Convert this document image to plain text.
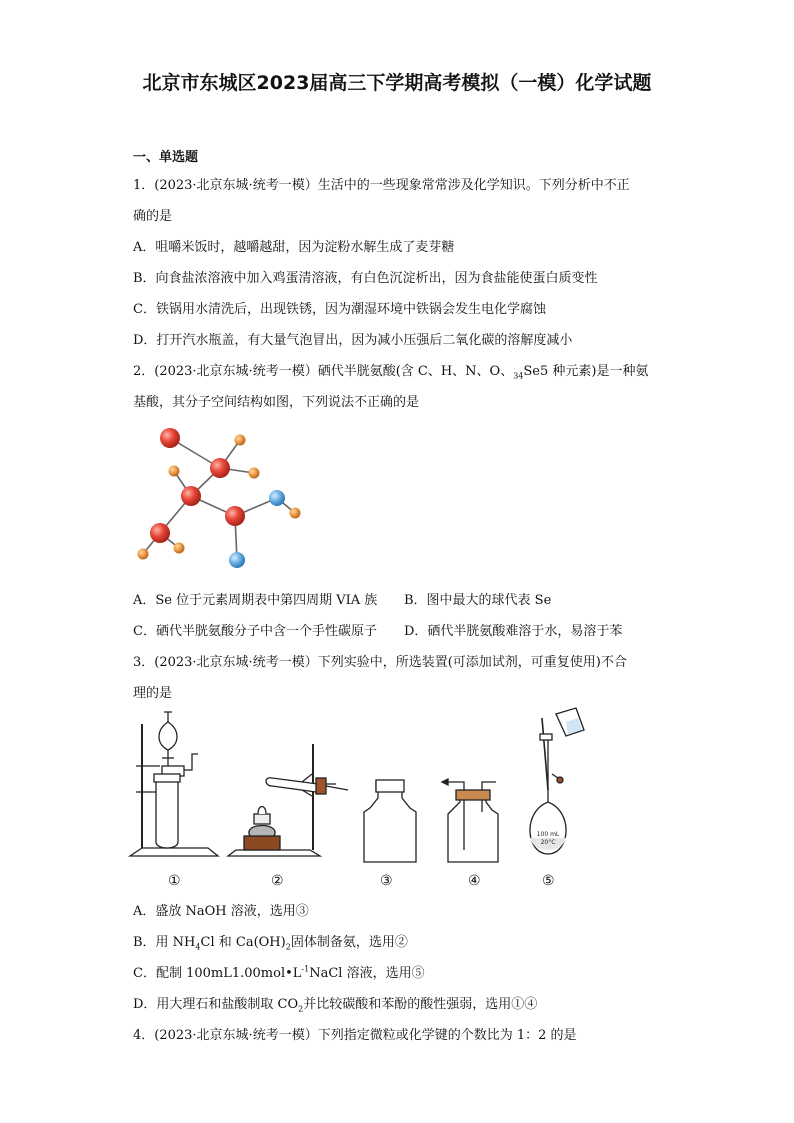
北京市东城区2023届高三下学期高考模拟（一模）化学试题
一、单选题
1．(2023·北京东城·统考一模）生活中的一些现象常常涉及化学知识。下列分析中不正
确的是
A．咀嚼米饭时，越嚼越甜，因为淀粉水解生成了麦芽糖
B．向食盐浓溶液中加入鸡蛋清溶液，有白色沉淀析出，因为食盐能使蛋白质变性
C．铁锅用水清洗后，出现铁锈，因为潮湿环境中铁锅会发生电化学腐蚀
D．打开汽水瓶盖，有大量气泡冒出，因为减小压强后二氧化碳的溶解度减小
2．(2023·北京东城·统考一模）硒代半胱氨酸(含 C、H、N、O、$_{34}$Se5 种元素)是一种氨
基酸，其分子空间结构如图，下列说法不正确的是
A．Se 位于元素周期表中第四周期 VIA 族 B．图中最大的球代表 Se
C．硒代半胱氨酸分子中含一个手性碳原子 D．硒代半胱氨酸难溶于水，易溶于苯
3．(2023·北京东城·统考一模）下列实验中，所选装置(可添加试剂，可重复使用)不合
理的是
100 mL
20°C
①	②	③	④	⑤
A．盛放 NaOH 溶液，选用③
B．用 $NH_4Cl$ 和 $Ca(OH)_2$固体制备氨，选用②
C．配制 $100mL1.00mol•L^{-1}NaCl$ 溶液，选用⑤
D．用大理石和盐酸制取 $CO_2$并比较碳酸和苯酚的酸性强弱，选用①④
4．(2023·北京东城·统考一模）下列指定微粒或化学键的个数比为 1：2 的是
